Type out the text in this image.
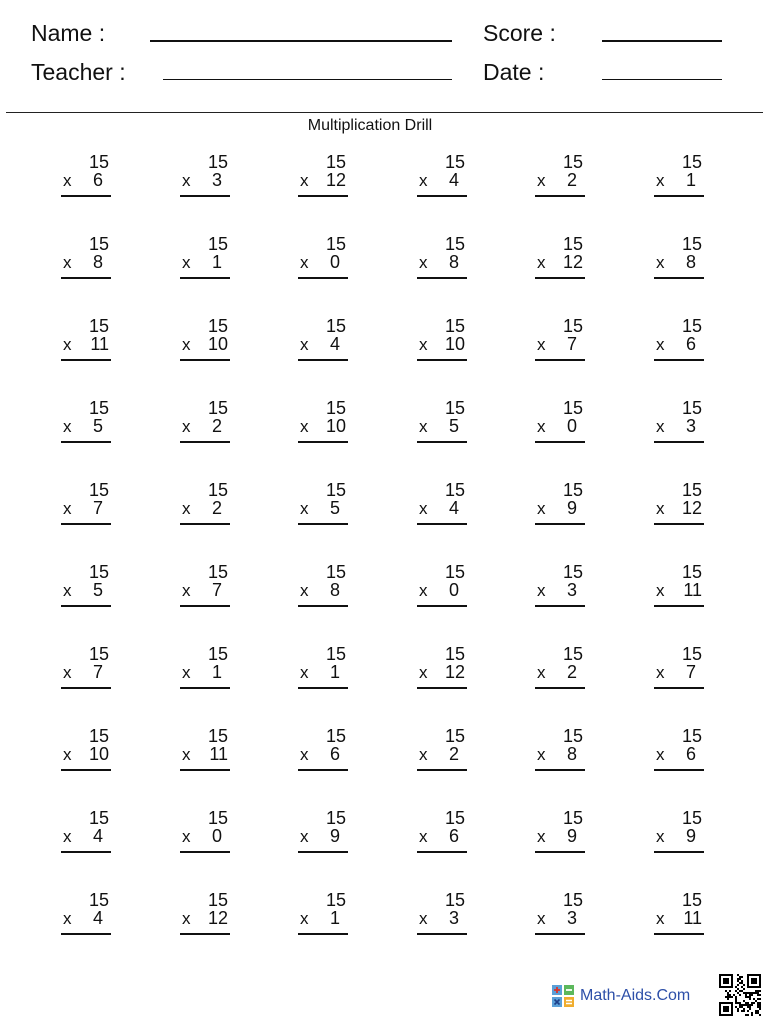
Name :
Teacher :
Score :
Date :
Multiplication Drill
15
x 6
15
x 3
15
x 12
15
x 4
15
x 2
15
x 1
15
x 8
15
x 1
15
x 0
15
x 8
15
x 12
15
x 8
15
x 11
15
x 10
15
x 4
15
x 10
15
x 7
15
x 6
15
x 5
15
x 2
15
x 10
15
x 5
15
x 0
15
x 3
15
x 7
15
x 2
15
x 5
15
x 4
15
x 9
15
x 12
15
x 5
15
x 7
15
x 8
15
x 0
15
x 3
15
x 11
15
x 7
15
x 1
15
x 1
15
x 12
15
x 2
15
x 7
15
x 10
15
x 11
15
x 6
15
x 2
15
x 8
15
x 6
15
x 4
15
x 0
15
x 9
15
x 6
15
x 9
15
x 9
15
x 4
15
x 12
15
x 1
15
x 3
15
x 3
15
x 11
Math-Aids.Com
